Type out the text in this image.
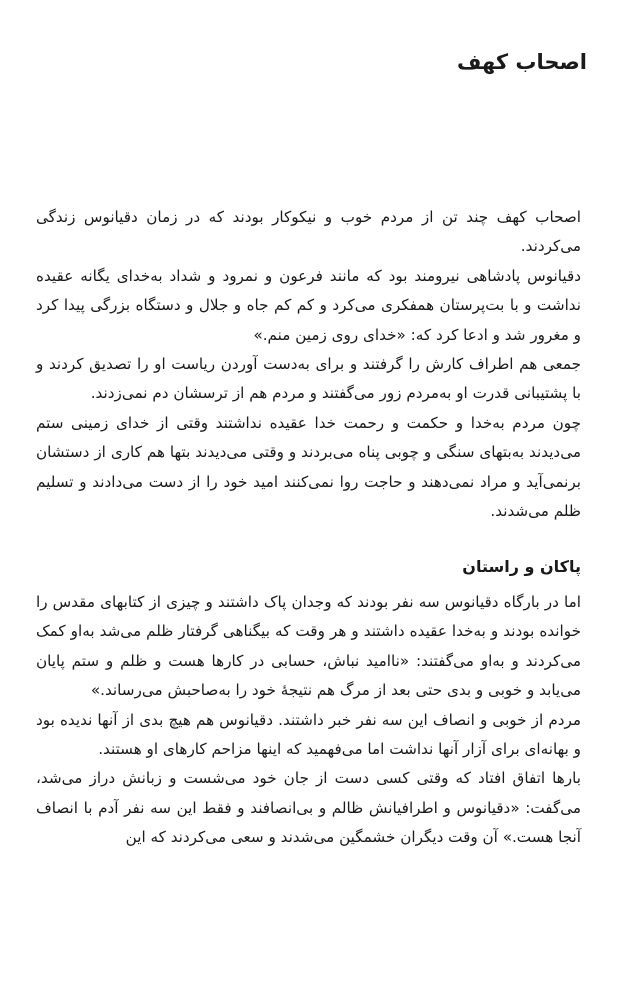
اصحاب کهف

اصحاب کهف چند تن از مردم خوب و نیکوکار بودند که در زمان دقیانوس زندگی می‌کردند.

دقیانوس پادشاهی نیرومند بود که مانند فرعون و نمرود و شداد به‌خدای یگانه عقیده نداشت و با بت‌پرستان همفکری می‌کرد و کم کم جاه و جلال و دستگاه بزرگی پیدا کرد و مغرور شد و ادعا کرد که: «خدای روی زمین منم.»

جمعی هم اطراف کارش را گرفتند و برای به‌دست آوردن ریاست او را تصدیق کردند و با پشتیبانی قدرت او به‌مردم زور می‌گفتند و مردم هم از ترسشان دم نمی‌زدند.

چون مردم به‌خدا و حکمت و رحمت خدا عقیده نداشتند وقتی از خدای زمینی ستم می‌دیدند به‌بتهای سنگی و چوبی پناه می‌بردند و وقتی می‌دیدند بتها هم کاری از دستشان برنمی‌آید و مراد نمی‌دهند و حاجت روا نمی‌کنند امید خود را از دست می‌دادند و تسلیم ظلم می‌شدند.

پاکان و راستان

اما در بارگاه دقیانوس سه نفر بودند که وجدان پاک داشتند و چیزی از کتابهای مقدس را خوانده بودند و به‌خدا عقیده داشتند و هر وقت که بیگناهی گرفتار ظلم می‌شد به‌او کمک می‌کردند و به‌او می‌گفتند: «ناامید نباش، حسابی در کارها هست و ظلم و ستم پایان می‌یابد و خوبی و بدی حتی بعد از مرگ هم نتیجهٔ خود را به‌صاحبش می‌رساند.»

مردم از خوبی و انصاف این سه نفر خبر داشتند. دقیانوس هم هیچ بدی از آنها ندیده بود و بهانه‌ای برای آزار آنها نداشت اما می‌فهمید که اینها مزاحم کارهای او هستند.

بارها اتفاق افتاد که وقتی کسی دست از جان خود می‌شست و زبانش دراز می‌شد، می‌گفت: «دقیانوس و اطرافیانش ظالم و بی‌انصافند و فقط این سه نفر آدم با انصاف آنجا هست.» آن وقت دیگران خشمگین می‌شدند و سعی می‌کردند که این
